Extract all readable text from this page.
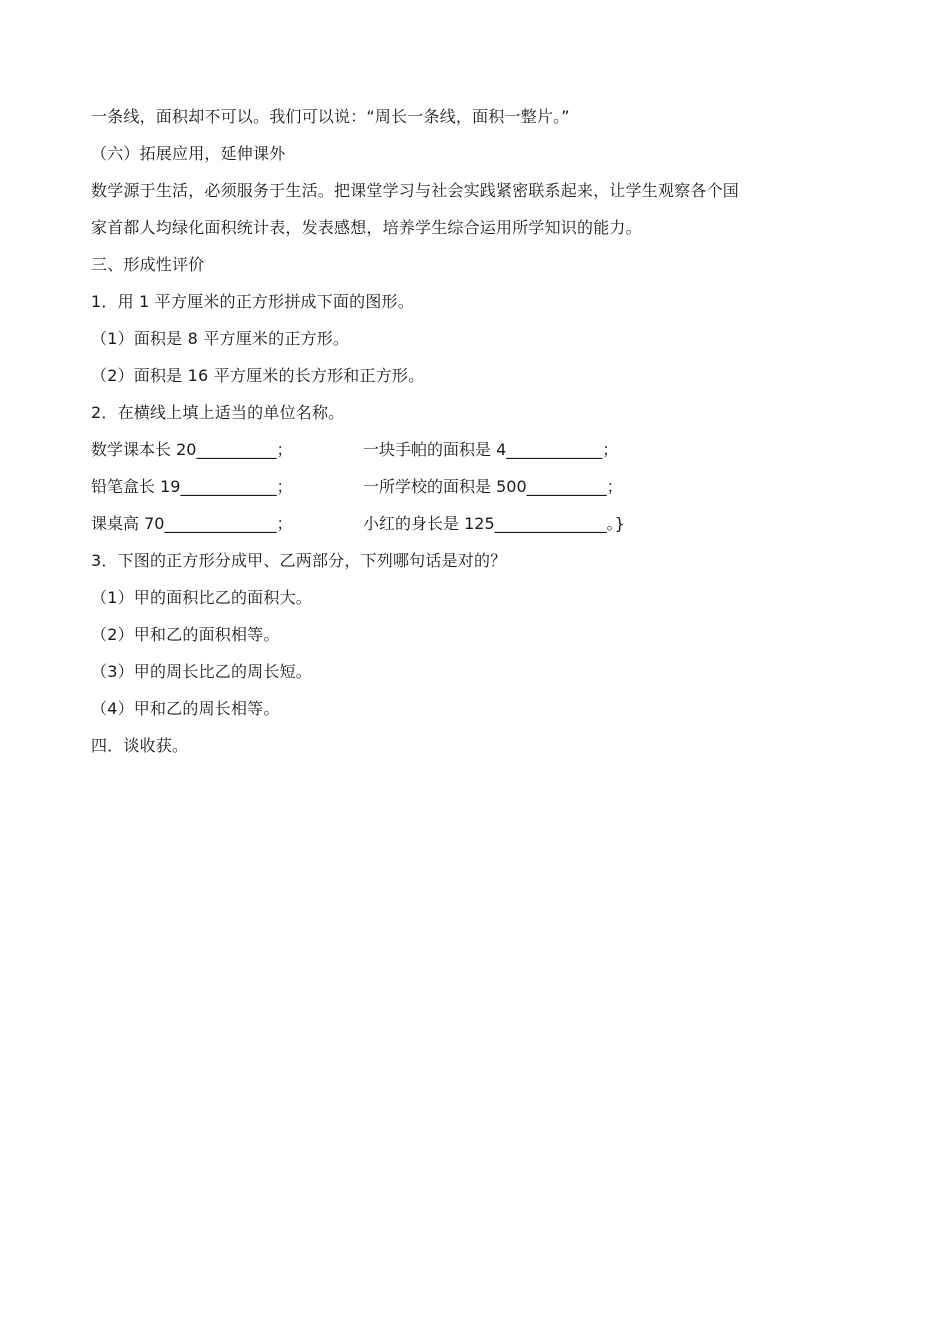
一条线，面积却不可以。我们可以说：“周长一条线，面积一整片。”
（六）拓展应用，延伸课外
数学源于生活，必须服务于生活。把课堂学习与社会实践紧密联系起来，让学生观察各个国
家首都人均绿化面积统计表，发表感想，培养学生综合运用所学知识的能力。
三、形成性评价
1．用 1 平方厘米的正方形拼成下面的图形。
（1）面积是 8 平方厘米的正方形。
（2）面积是 16 平方厘米的长方形和正方形。
2．在横线上填上适当的单位名称。
数学课本长 20__________；	一块手帕的面积是 4____________；
铅笔盒长 19____________；	一所学校的面积是 500__________；
课桌高 70______________；	小红的身长是 125______________。}
3．下图的正方形分成甲、乙两部分，下列哪句话是对的？
（1）甲的面积比乙的面积大。
（2）甲和乙的面积相等。
（3）甲的周长比乙的周长短。
（4）甲和乙的周长相等。
四．谈收获。
